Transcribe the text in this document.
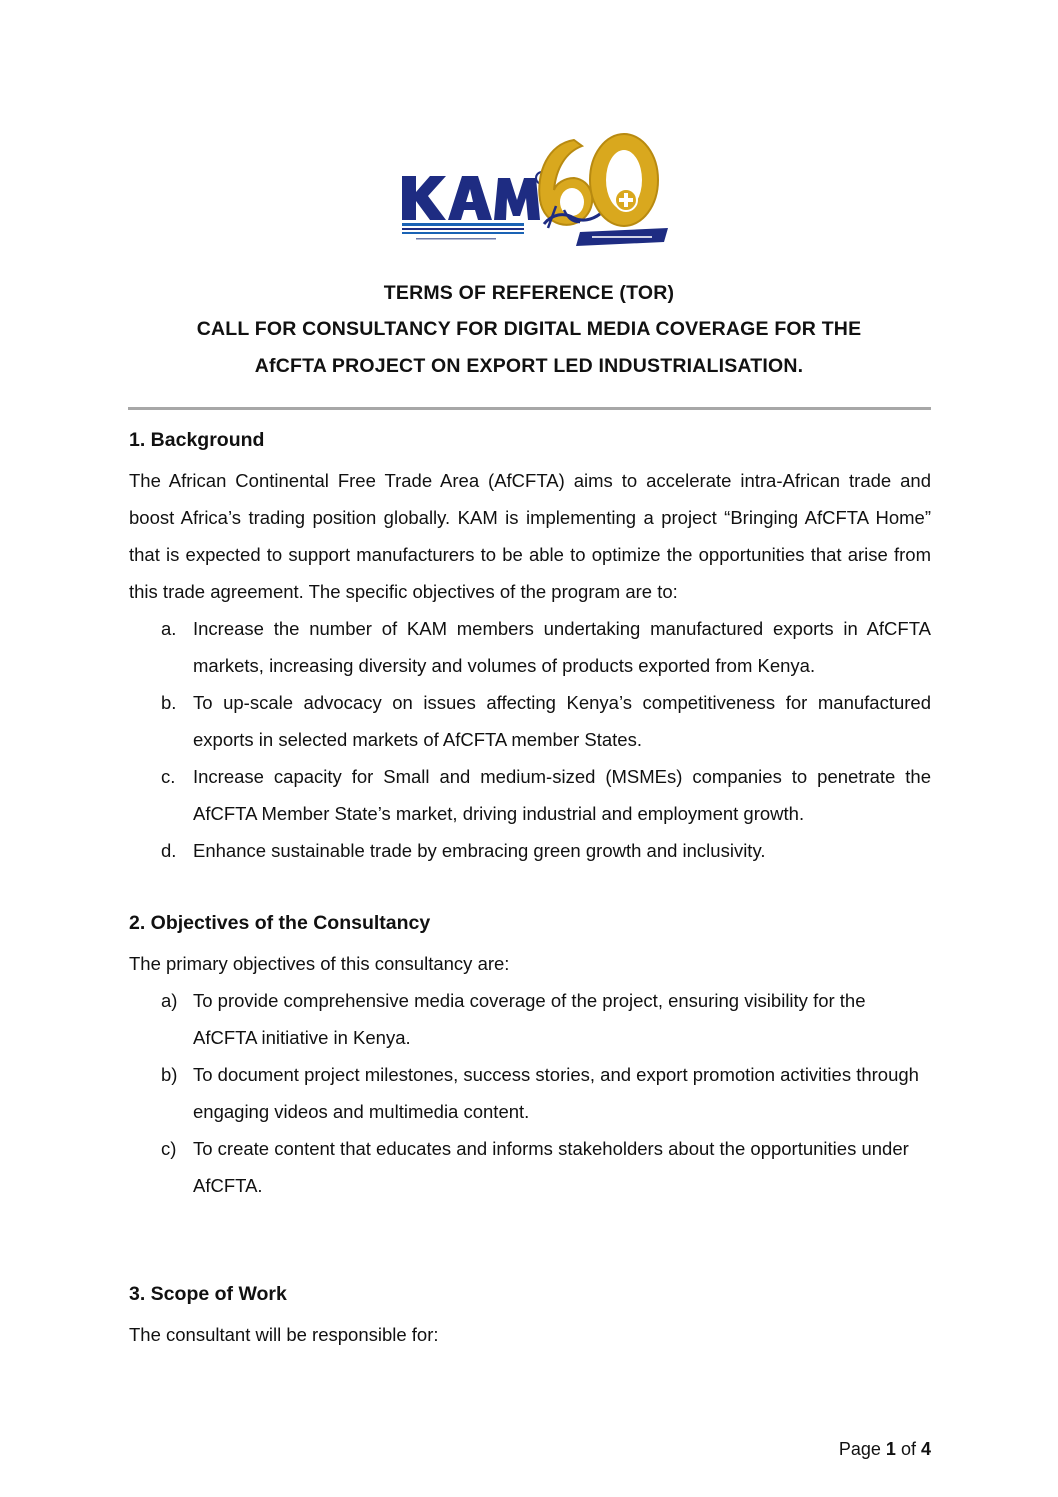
TERMS OF REFERENCE (TOR)
CALL FOR CONSULTANCY FOR DIGITAL MEDIA COVERAGE FOR THE
AfCFTA PROJECT ON EXPORT LED INDUSTRIALISATION.
1. Background
The African Continental Free Trade Area (AfCFTA) aims to accelerate intra-African trade and boost Africa’s trading position globally. KAM is implementing a project “Bringing AfCFTA Home” that is expected to support manufacturers to be able to optimize the opportunities that arise from this trade agreement. The specific objectives of the program are to:
a. Increase the number of KAM members undertaking manufactured exports in AfCFTA markets, increasing diversity and volumes of products exported from Kenya.
b. To up-scale advocacy on issues affecting Kenya’s competitiveness for manufactured exports in selected markets of AfCFTA member States.
c. Increase capacity for Small and medium-sized (MSMEs) companies to penetrate the AfCFTA Member State’s market, driving industrial and employment growth.
d. Enhance sustainable trade by embracing green growth and inclusivity.
2. Objectives of the Consultancy
The primary objectives of this consultancy are:
a) To provide comprehensive media coverage of the project, ensuring visibility for the AfCFTA initiative in Kenya.
b) To document project milestones, success stories, and export promotion activities through engaging videos and multimedia content.
c) To create content that educates and informs stakeholders about the opportunities under AfCFTA.
3. Scope of Work
The consultant will be responsible for:
Page 1 of 4
